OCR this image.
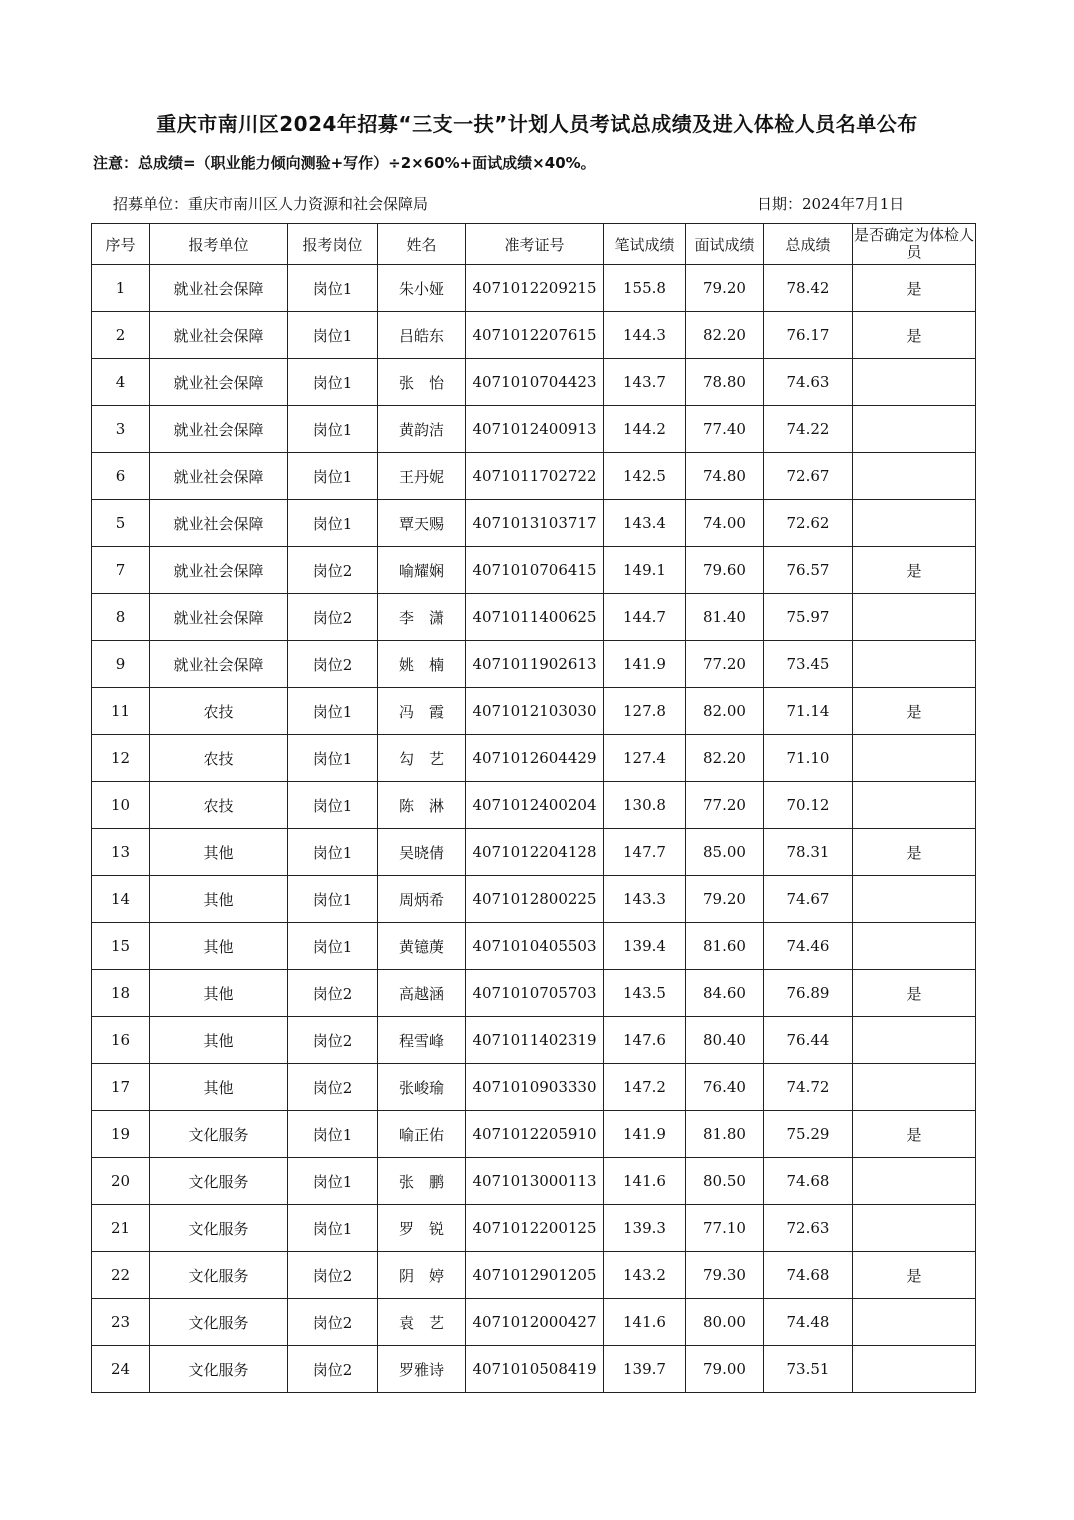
重庆市南川区2024年招募“三支一扶”计划人员考试总成绩及进入体检人员名单公布
注意：总成绩=（职业能力倾向测验+写作）÷2×60%+面试成绩×40%。
招募单位：重庆市南川区人力资源和社会保障局	日期：2024年7月1日
序号	报考单位	报考岗位	姓名	准考证号	笔试成绩	面试成绩	总成绩	是否确定为体检人员
1	就业社会保障	岗位1	朱小娅	4071012209215	155.8	79.20	78.42	是
2	就业社会保障	岗位1	吕皓东	4071012207615	144.3	82.20	76.17	是
4	就业社会保障	岗位1	张　怡	4071010704423	143.7	78.80	74.63	
3	就业社会保障	岗位1	黄韵洁	4071012400913	144.2	77.40	74.22	
6	就业社会保障	岗位1	王丹妮	4071011702722	142.5	74.80	72.67	
5	就业社会保障	岗位1	覃天赐	4071013103717	143.4	74.00	72.62	
7	就业社会保障	岗位2	喻耀娴	4071010706415	149.1	79.60	76.57	是
8	就业社会保障	岗位2	李　潇	4071011400625	144.7	81.40	75.97	
9	就业社会保障	岗位2	姚　楠	4071011902613	141.9	77.20	73.45	
11	农技	岗位1	冯　霞	4071012103030	127.8	82.00	71.14	是
12	农技	岗位1	勾　艺	4071012604429	127.4	82.20	71.10	
10	农技	岗位1	陈　淋	4071012400204	130.8	77.20	70.12	
13	其他	岗位1	吴晓倩	4071012204128	147.7	85.00	78.31	是
14	其他	岗位1	周炳希	4071012800225	143.3	79.20	74.67	
15	其他	岗位1	黄镱菮	4071010405503	139.4	81.60	74.46	
18	其他	岗位2	高越涵	4071010705703	143.5	84.60	76.89	是
16	其他	岗位2	程雪峰	4071011402319	147.6	80.40	76.44	
17	其他	岗位2	张峻瑜	4071010903330	147.2	76.40	74.72	
19	文化服务	岗位1	喻正佑	4071012205910	141.9	81.80	75.29	是
20	文化服务	岗位1	张　鹏	4071013000113	141.6	80.50	74.68	
21	文化服务	岗位1	罗　锐	4071012200125	139.3	77.10	72.63	
22	文化服务	岗位2	阴　婷	4071012901205	143.2	79.30	74.68	是
23	文化服务	岗位2	袁　艺	4071012000427	141.6	80.00	74.48	
24	文化服务	岗位2	罗雅诗	4071010508419	139.7	79.00	73.51	
